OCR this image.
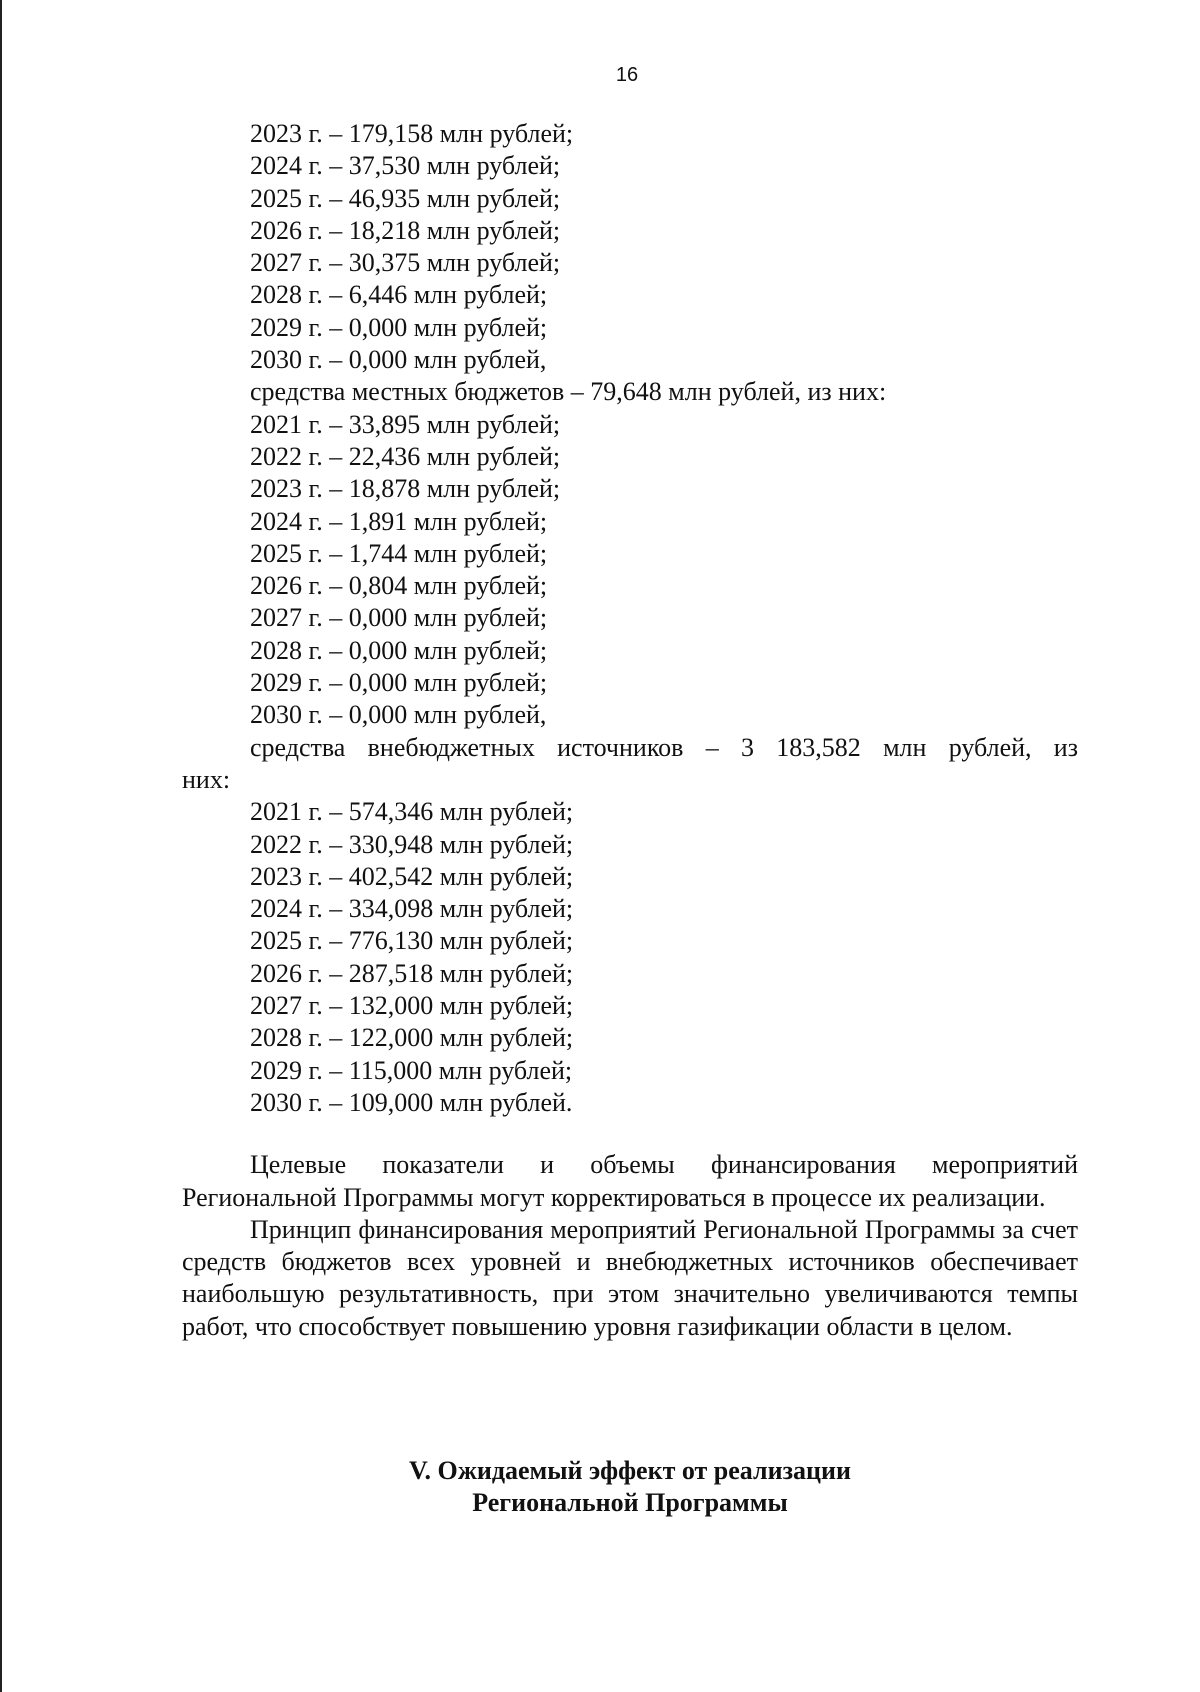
16
2023 г. – 179,158 млн рублей;
2024 г. – 37,530 млн рублей;
2025 г. – 46,935 млн рублей;
2026 г. – 18,218 млн рублей;
2027 г. – 30,375 млн рублей;
2028 г. – 6,446 млн рублей;
2029 г. – 0,000 млн рублей;
2030 г. – 0,000 млн рублей,
средства местных бюджетов – 79,648 млн рублей, из них:
2021 г. – 33,895 млн рублей;
2022 г. – 22,436 млн рублей;
2023 г. – 18,878 млн рублей;
2024 г. – 1,891 млн рублей;
2025 г. – 1,744 млн рублей;
2026 г. – 0,804 млн рублей;
2027 г. – 0,000 млн рублей;
2028 г. – 0,000 млн рублей;
2029 г. – 0,000 млн рублей;
2030 г. – 0,000 млн рублей,
средства внебюджетных источников – 3 183,582 млн рублей, из
них:
2021 г. – 574,346 млн рублей;
2022 г. – 330,948 млн рублей;
2023 г. – 402,542 млн рублей;
2024 г. – 334,098 млн рублей;
2025 г. – 776,130 млн рублей;
2026 г. – 287,518 млн рублей;
2027 г. – 132,000 млн рублей;
2028 г. – 122,000 млн рублей;
2029 г. – 115,000 млн рублей;
2030 г. – 109,000 млн рублей.

Целевые показатели и объемы финансирования мероприятий Региональной Программы могут корректироваться в процессе их реализации.

Принцип финансирования мероприятий Региональной Программы за счет средств бюджетов всех уровней и внебюджетных источников обеспечивает наибольшую результативность, при этом значительно увеличиваются темпы работ, что способствует повышению уровня газификации области в целом.

V. Ожидаемый эффект от реализации
Региональной Программы
